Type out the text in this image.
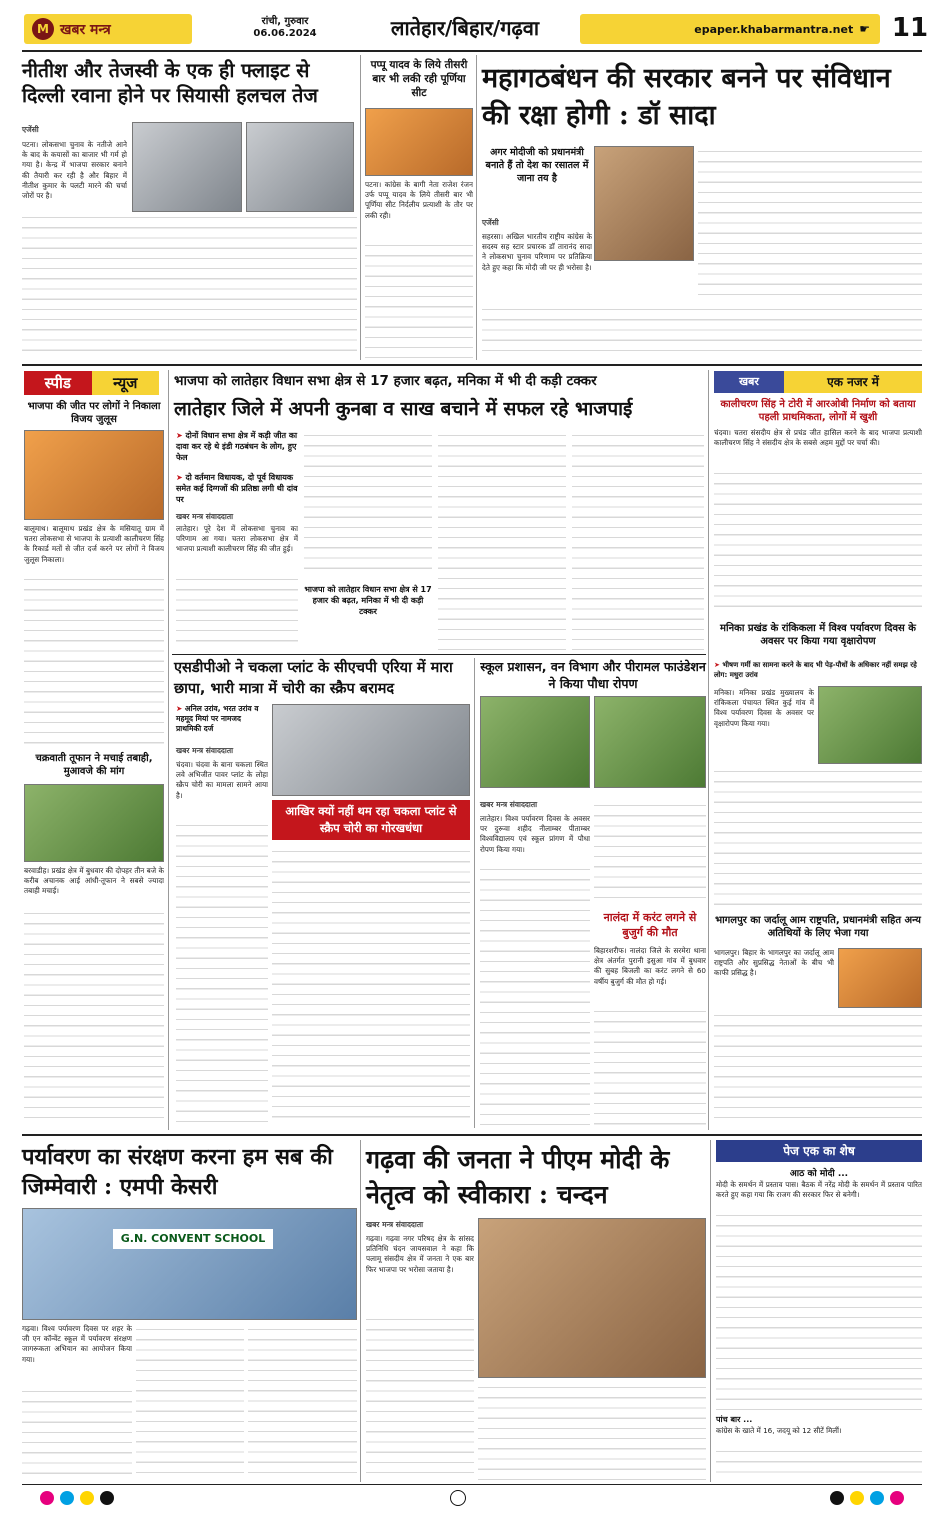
M खबर मन्त्र	रांची, गुरुवार
06.06.2024	लातेहार/बिहार/गढ़वा	epaper.khabarmantra.net ☛ 11
नीतीश और तेजस्वी के एक ही फ्लाइट से दिल्ली रवाना होने पर सियासी हलचल तेज
एजेंसी
पटना। लोकसभा चुनाव के नतीजे आने के बाद के कयासों का बाजार भी गर्म हो गया है। केन्द्र में भाजपा सरकार बनाने की तैयारी कर रही है और बिहार में नीतीश कुमार के पलटी मारने की चर्चा जोरों पर है।
पप्पू यादव के लिये तीसरी बार भी लकी रही पूर्णिया सीट
पटना। कांग्रेस के बागी नेता राजेश रंजन उर्फ पप्पू यादव के लिये तीसरी बार भी पूर्णिया सीट निर्दलीय प्रत्याशी के तौर पर लकी रही।
महागठबंधन की सरकार बनने पर संविधान की रक्षा होगी : डॉ सादा
अगर मोदीजी को प्रधानमंत्री बनाते हैं तो देश का रसातल में जाना तय है
एजेंसी
सहरसा। अखिल भारतीय राष्ट्रीय कांग्रेस के सदस्य सह स्टार प्रचारक डॉ तारानंद सादा ने लोकसभा चुनाव परिणाम पर प्रतिक्रिया देते हुए कहा कि मोदी जी पर ही भरोसा है।
स्पीड	न्यूज
भाजपा की जीत पर लोगों ने निकाला विजय जुलूस
बालूमाथ। बालूमाथ प्रखंड क्षेत्र के मसियातू ग्राम में चतरा लोकसभा से भाजपा के प्रत्याशी कालीचरण सिंह के रिकार्ड मतों से जीत दर्ज करने पर लोगों ने विजय जुलूस निकाला।
चक्रवाती तूफान ने मचाई तबाही, मुआवजे की मांग
बरवाडीह। प्रखंड क्षेत्र में बुधवार की दोपहर तीन बजे के करीब अचानक आई आंधी-तूफान ने सबसे ज्यादा तबाही मचाई।
भाजपा को लातेहार विधान सभा क्षेत्र से 17 हजार बढ़त, मनिका में भी दी कड़ी टक्कर
लातेहार जिले में अपनी कुनबा व साख बचाने में सफल रहे भाजपाई
➤ दोनों विधान सभा क्षेत्र में कड़ी जीत का दावा कर रहे थे इंडी गठबंधन के लोग, हुए फेल
➤ दो वर्तमान विधायक, दो पूर्व विधायक समेत कई दिग्गजों की प्रतिष्ठा लगी थी दांव पर
खबर मन्त्र संवाददाता
लातेहार। पूरे देश में लोकसभा चुनाव का परिणाम आ गया। चतरा लोकसभा क्षेत्र में भाजपा प्रत्याशी कालीचरण सिंह की जीत हुई।
भाजपा को लातेहार विधान सभा क्षेत्र से 17 हजार की बढ़त, मनिका में भी दी कड़ी टक्कर
खबर	एक नजर में
कालीचरण सिंह ने टोरी में आरओबी निर्माण को बताया पहली प्राथमिकता, लोगों में खुशी
चंदवा। चतरा संसदीय क्षेत्र से प्रचंड जीत हासिल करने के बाद भाजपा प्रत्याशी कालीचरण सिंह ने संसदीय क्षेत्र के सबसे अहम मुद्दों पर चर्चा की।
मनिका प्रखंड के रांकिकला में विश्व पर्यावरण दिवस के अवसर पर किया गया वृक्षारोपण
➤ भीषण गर्मी का सामना करने के बाद भी पेड़-पौधों के अधिकार नहीं समझ रहे लोग: मधुरा उरांव
मनिका। मनिका प्रखंड मुख्यालय के रांकिकला पंचायत स्थित कुई गांव में विश्व पर्यावरण दिवस के अवसर पर वृक्षारोपण किया गया।
भागलपुर का जर्दालू आम राष्ट्रपति, प्रधानमंत्री सहित अन्य अतिथियों के लिए भेजा गया
भागलपुर। बिहार के भागलपुर का जर्दालू आम राष्ट्रपति और सुप्रसिद्ध नेताओं के बीच भी काफी प्रसिद्ध है।
एसडीपीओ ने चकला प्लांट के सीएचपी एरिया में मारा छापा, भारी मात्रा में चोरी का स्क्रैप बरामद
➤ अनिल उरांव, भरत उरांव व महमूद मियां पर नामजद प्राथमिकी दर्ज
खबर मन्त्र संवाददाता
चंदवा। चंदवा के बाना चकला स्थित लवे अभिजीत पावर प्लांट के लोहा स्क्रैप चोरी का मामला सामने आया है।
आखिर क्यों नहीं थम रहा चकला प्लांट से स्क्रैप चोरी का गोरखधंधा
स्कूल प्रशासन, वन विभाग और पीरामल फाउंडेशन ने किया पौधा रोपण
खबर मन्त्र संवाददाता
लातेहार। विश्व पर्यावरण दिवस के अवसर पर दुरूवा शहीद नीलाम्बर पीताम्बर विश्वविद्यालय एवं स्कूल प्रांगण में पौधा रोपण किया गया।
नालंदा में करंट लगने से बुजुर्ग की मौत
बिहारशरीफ। नालंदा जिले के सरमेरा थाना क्षेत्र अंतर्गत पुरानी इसुआ गांव में बुधवार की सुबह बिजली का करंट लगने से 60 वर्षीय बुजुर्ग की मौत हो गई।
पर्यावरण का संरक्षण करना हम सब की जिम्मेवारी : एमपी केसरी
G.N. CONVENT SCHOOL
गढ़वा। विश्व पर्यावरण दिवस पर शहर के जी एन कॉन्वेंट स्कूल में पर्यावरण संरक्षण जागरूकता अभियान का आयोजन किया गया।
गढ़वा की जनता ने पीएम मोदी के नेतृत्व को स्वीकारा : चन्दन
खबर मन्त्र संवाददाता
गढ़वा। गढ़वा नगर परिषद क्षेत्र के सांसद प्रतिनिधि चंदन जायसवाल ने कहा कि पलामू संसदीय क्षेत्र में जनता ने एक बार फिर भाजपा पर भरोसा जताया है।
पेज एक का शेष
आठ को मोदी ...
मोदी के समर्थन में प्रस्ताव पास। बैठक में नरेंद्र मोदी के समर्थन में प्रस्ताव पारित करते हुए कहा गया कि राजग की सरकार फिर से बनेगी।
पांच बार ...
कांग्रेस के खाते में 16, जदयू को 12 सीटें मिलीं।
